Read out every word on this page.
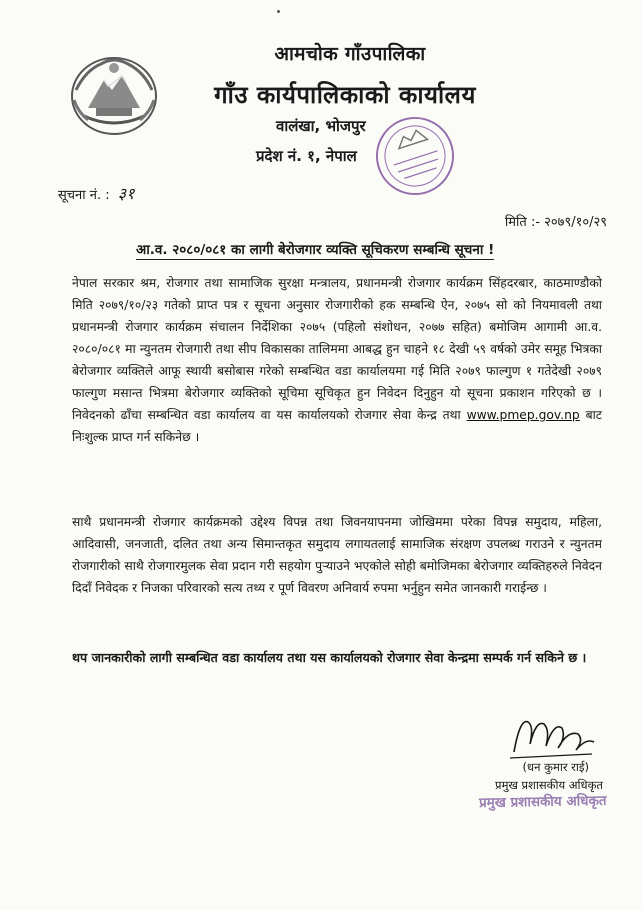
आमचोक गाँउपालिका
गाँउ कार्यपालिकाको कार्यालय
वालंखा, भोजपुर
प्रदेश नं. १, नेपाल
सूचना नं. : ३१
मिति :- २०७९/१०/२९
आ.व. २०८०/०८१ का लागी बेरोजगार व्यक्ति सूचिकरण सम्बन्धि सूचना !
नेपाल सरकार श्रम, रोजगार तथा सामाजिक सुरक्षा मन्त्रालय, प्रधानमन्त्री रोजगार कार्यक्रम सिंहदरबार, काठमाण्डौको मिति २०७९/१०/२३ गतेको प्राप्त पत्र र सूचना अनुसार रोजगारीको हक सम्बन्धि ऐन, २०७५ सो को नियमावली तथा प्रधानमन्त्री रोजगार कार्यक्रम संचालन निर्देशिका २०७५ (पहिलो संशोधन, २०७७ सहित) बमोजिम आगामी आ.व. २०८०/०८१ मा न्युनतम रोजगारी तथा सीप विकासका तालिममा आबद्ध हुन चाहने १८ देखी ५९ वर्षको उमेर समूह भित्रका बेरोजगार व्यक्तिले आफू स्थायी बसोबास गरेको सम्बन्धित वडा कार्यालयमा गई मिति २०७९ फाल्गुण १ गतेदेखी २०७९ फाल्गुण मसान्त भित्रमा बेरोजगार व्यक्तिको सूचिमा सूचिकृत हुन निवेदन दिनुहुन यो सूचना प्रकाशन गरिएको छ । निवेदनको ढाँचा सम्बन्धित वडा कार्यालय वा यस कार्यालयको रोजगार सेवा केन्द्र तथा www.pmep.gov.np बाट निःशुल्क प्राप्त गर्न सकिनेछ ।
साथै प्रधानमन्त्री रोजगार कार्यक्रमको उद्देश्य विपन्न तथा जिवनयापनमा जोखिममा परेका विपन्न समुदाय, महिला, आदिवासी, जनजाती, दलित तथा अन्य सिमान्तकृत समुदाय लगायतलाई सामाजिक संरक्षण उपलब्ध गराउने र न्युनतम रोजगारीको साथै रोजगारमुलक सेवा प्रदान गरी सहयोग पुऱ्याउने भएकोले सोही बमोजिमका बेरोजगार व्यक्तिहरुले निवेदन दिदाँ निवेदक र निजका परिवारको सत्य तथ्य र पूर्ण विवरण अनिवार्य रुपमा भर्नुहुन समेत जानकारी गराईन्छ ।
थप जानकारीको लागी सम्बन्धित वडा कार्यालय तथा यस कार्यालयको रोजगार सेवा केन्द्रमा सम्पर्क गर्न सकिने छ ।
(धन कुमार राई)
प्रमुख प्रशासकीय अधिकृत
प्रमुख प्रशासकीय अधिकृत
